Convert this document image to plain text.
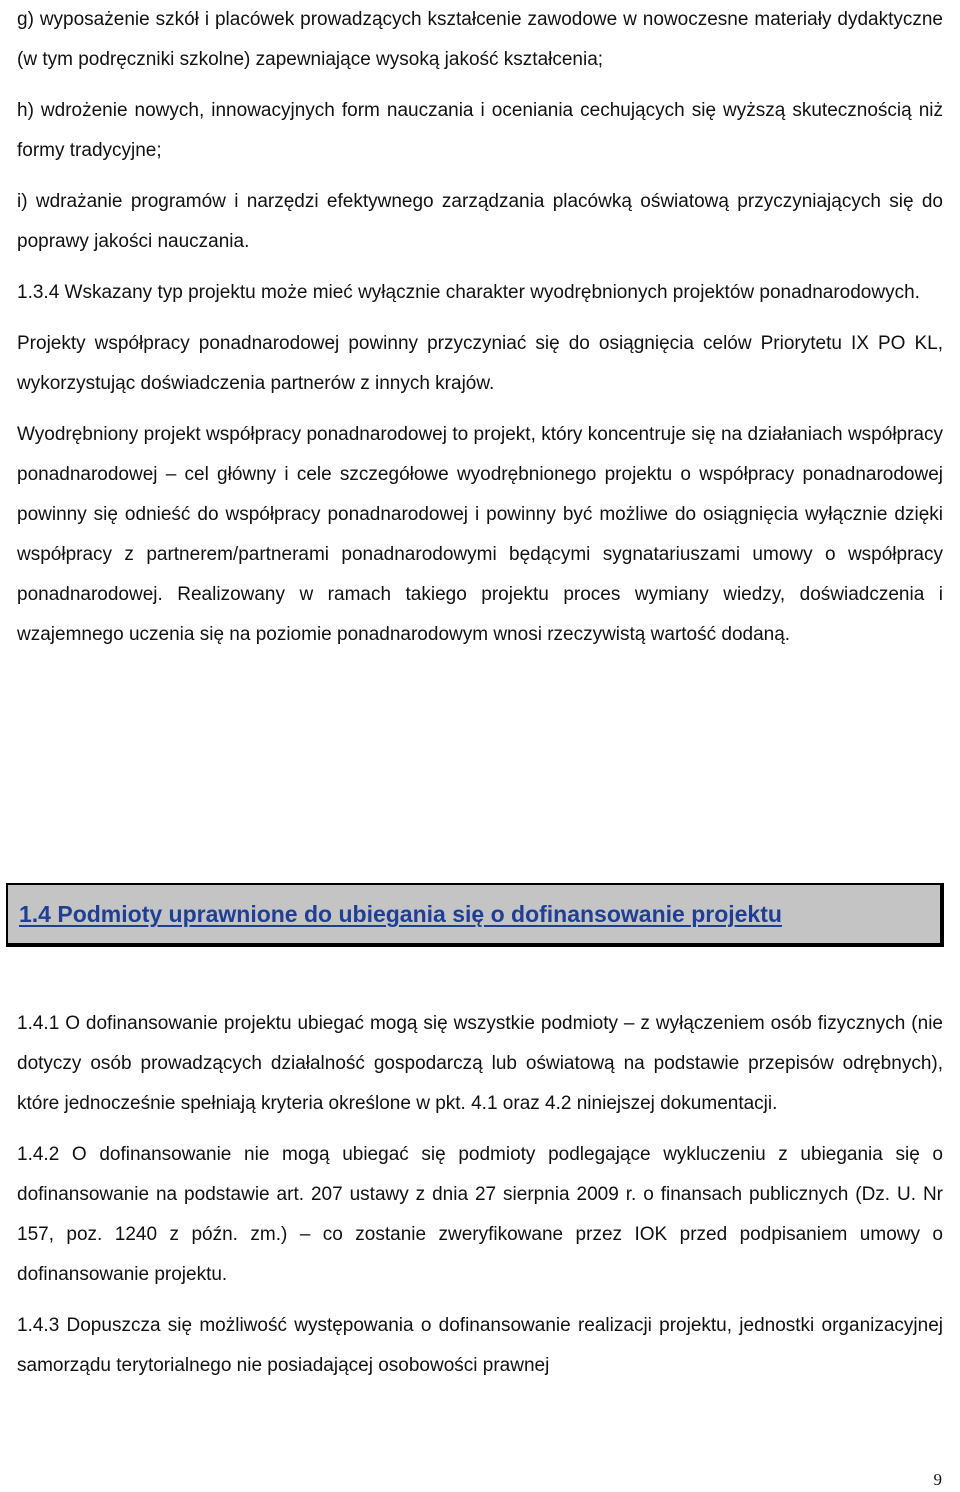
g) wyposażenie szkół i placówek prowadzących kształcenie zawodowe w nowoczesne materiały dydaktyczne (w tym podręczniki szkolne) zapewniające wysoką jakość kształcenia;

h) wdrożenie nowych, innowacyjnych form nauczania i oceniania cechujących się wyższą skutecznością niż formy tradycyjne;

i) wdrażanie programów i narzędzi efektywnego zarządzania placówką oświatową przyczyniających się do poprawy jakości nauczania.

1.3.4 Wskazany typ projektu może mieć wyłącznie charakter wyodrębnionych projektów ponadnarodowych.

Projekty współpracy ponadnarodowej powinny przyczyniać się do osiągnięcia celów Priorytetu IX PO KL, wykorzystując doświadczenia partnerów z innych krajów.

Wyodrębniony projekt współpracy ponadnarodowej to projekt, który koncentruje się na działaniach współpracy ponadnarodowej – cel główny i cele szczegółowe wyodrębnionego projektu o współpracy ponadnarodowej powinny się odnieść do współpracy ponadnarodowej i powinny być możliwe do osiągnięcia wyłącznie dzięki współpracy z partnerem/partnerami ponadnarodowymi będącymi sygnatariuszami umowy o współpracy ponadnarodowej. Realizowany w ramach takiego projektu proces wymiany wiedzy, doświadczenia i wzajemnego uczenia się na poziomie ponadnarodowym wnosi rzeczywistą wartość dodaną.

1.4 Podmioty uprawnione do ubiegania się o dofinansowanie projektu

1.4.1 O dofinansowanie projektu ubiegać mogą się wszystkie podmioty – z wyłączeniem osób fizycznych (nie dotyczy osób prowadzących działalność gospodarczą lub oświatową na podstawie przepisów odrębnych), które jednocześnie spełniają kryteria określone w pkt. 4.1 oraz 4.2 niniejszej dokumentacji.

1.4.2 O dofinansowanie nie mogą ubiegać się podmioty podlegające wykluczeniu z ubiegania się o dofinansowanie na podstawie art. 207 ustawy z dnia 27 sierpnia 2009 r. o finansach publicznych (Dz. U. Nr 157, poz. 1240 z późn. zm.) – co zostanie zweryfikowane przez IOK przed podpisaniem umowy o dofinansowanie projektu.

1.4.3 Dopuszcza się możliwość występowania o dofinansowanie realizacji projektu, jednostki organizacyjnej samorządu terytorialnego nie posiadającej osobowości prawnej

9
